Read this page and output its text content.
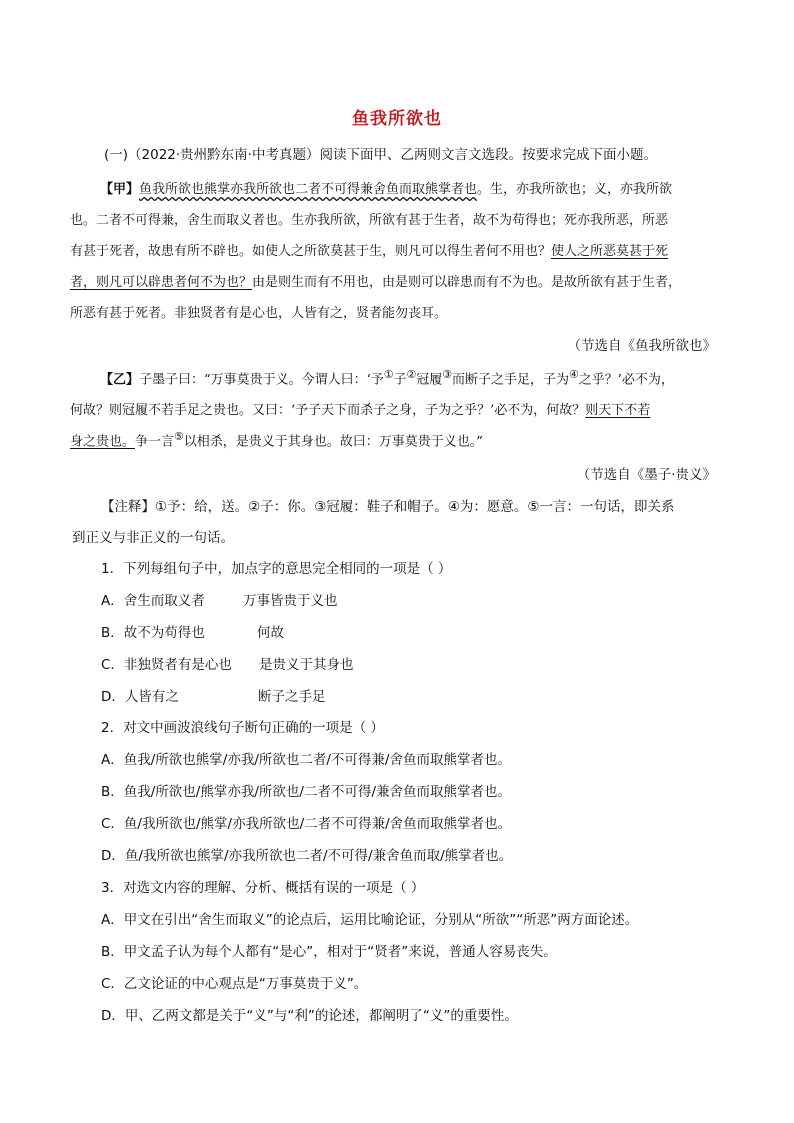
鱼我所欲也
(一)（2022·贵州黔东南·中考真题）阅读下面甲、乙两则文言文选段。按要求完成下面小题。
【甲】鱼我所欲也熊掌亦我所欲也二者不可得兼舍鱼而取熊掌者也。生，亦我所欲也；义，亦我所欲
也。二者不可得兼，舍生而取义者也。生亦我所欲，所欲有甚于生者，故不为苟得也；死亦我所恶，所恶
有甚于死者，故患有所不辟也。如使人之所欲莫甚于生，则凡可以得生者何不用也？使人之所恶莫甚于死
者，则凡可以辟患者何不为也？由是则生而有不用也，由是则可以辟患而有不为也。是故所欲有甚于生者，
所恶有甚于死者。非独贤者有是心也，人皆有之，贤者能勿丧耳。
（节选自《鱼我所欲也》
【乙】子墨子曰：“万事莫贵于义。今谓人曰：‘予①子②冠履③而断子之手足，子为④之乎？’必不为，
何故？则冠履不若手足之贵也。又曰：‘予子天下而杀子之身，子为之乎？’必不为，何故？则天下不若
身之贵也。争一言⑤以相杀，是贵义于其身也。故曰：万事莫贵于义也。”
（节选自《墨子·贵义》
【注释】①予：给，送。②子：你。③冠履：鞋子和帽子。④为：愿意。⑤一言：一句话，即关系
到正义与非正义的一句话。
1．下列每组句子中，加点字的意思完全相同的一项是（ ）
A．舍生而取义者	万事皆贵于义也
B．故不为苟得也	何故
C．非独贤者有是心也 是贵义于其身也
D．人皆有之	断子之手足
2．对文中画波浪线句子断句正确的一项是（ ）
A．鱼我/所欲也熊掌/亦我/所欲也二者/不可得兼/舍鱼而取熊掌者也。
B．鱼我/所欲也/熊掌亦我/所欲也/二者不可得/兼舍鱼而取熊掌者也。
C．鱼/我所欲也/熊掌/亦我所欲也/二者不可得兼/舍鱼而取熊掌者也。
D．鱼/我所欲也熊掌/亦我所欲也二者/不可得/兼舍鱼而取/熊掌者也。
3．对选文内容的理解、分析、概括有误的一项是（ ）
A．甲文在引出“舍生而取义”的论点后，运用比喻论证，分别从“所欲”“所恶”两方面论述。
B．甲文孟子认为每个人都有“是心”，相对于“贤者”来说，普通人容易丧失。
C．乙文论证的中心观点是“万事莫贵于义”。
D．甲、乙两文都是关于“义”与“利”的论述，都阐明了“义”的重要性。
